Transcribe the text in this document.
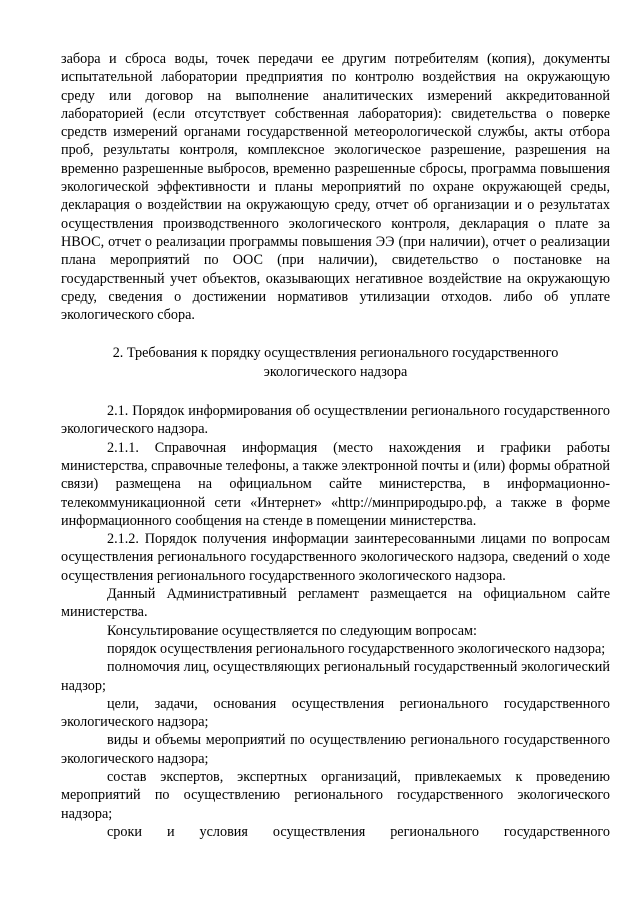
забора и сброса воды, точек передачи ее другим потребителям (копия), документы испытательной лаборатории предприятия по контролю воздействия на окружающую среду или договор на выполнение аналитических измерений аккредитованной лабораторией (если отсутствует собственная лаборатория): свидетельства о поверке средств измерений органами государственной метеорологической службы, акты отбора проб, результаты контроля, комплексное экологическое разрешение, разрешения на временно разрешенные выбросов, временно разрешенные сбросы, программа повышения экологической эффективности и планы мероприятий по охране окружающей среды, декларация о воздействии на окружающую среду, отчет об организации и о результатах осуществления производственного экологического контроля, декларация о плате за НВОС, отчет о реализации программы повышения ЭЭ (при наличии), отчет о реализации плана мероприятий по ООС (при наличии), свидетельство о постановке на государственный учет объектов, оказывающих негативное воздействие на окружающую среду, сведения о достижении нормативов утилизации отходов. либо об уплате экологического сбора.

2. Требования к порядку осуществления регионального государственного экологического надзора

2.1. Порядок информирования об осуществлении регионального государственного экологического надзора.

2.1.1. Справочная информация (место нахождения и графики работы министерства, справочные телефоны, а также электронной почты и (или) формы обратной связи) размещена на официальном сайте министерства, в информационно-телекоммуникационной сети «Интернет» «http://минприродыро.рф, а также в форме информационного сообщения на стенде в помещении министерства.

2.1.2. Порядок получения информации заинтересованными лицами по вопросам осуществления регионального государственного экологического надзора, сведений о ходе осуществления регионального государственного экологического надзора.

Данный Административный регламент размещается на официальном сайте министерства.

Консультирование осуществляется по следующим вопросам:

порядок осуществления регионального государственного экологического надзора;

полномочия лиц, осуществляющих региональный государственный экологический надзор;

цели, задачи, основания осуществления регионального государственного экологического надзора;

виды и объемы мероприятий по осуществлению регионального государственного экологического надзора;

состав экспертов, экспертных организаций, привлекаемых к проведению мероприятий по осуществлению регионального государственного экологического надзора;

сроки и условия осуществления регионального государственного
